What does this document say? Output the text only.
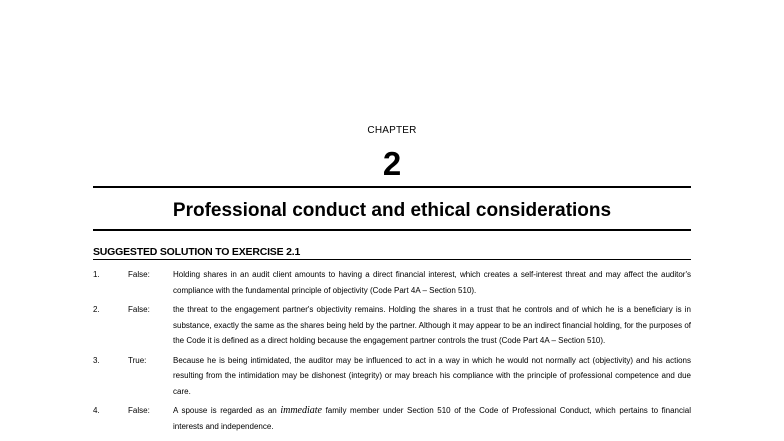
CHAPTER
2
Professional conduct and ethical considerations
SUGGESTED SOLUTION TO EXERCISE 2.1
1.	False:	Holding shares in an audit client amounts to having a direct financial interest, which creates a self-interest threat and may affect the auditor's compliance with the fundamental principle of objectivity (Code Part 4A – Section 510).
2.	False:	the threat to the engagement partner's objectivity remains. Holding the shares in a trust that he controls and of which he is a beneficiary is in substance, exactly the same as the shares being held by the partner. Although it may appear to be an indirect financial holding, for the purposes of the Code it is defined as a direct holding because the engagement partner controls the trust (Code Part 4A – Section 510).
3.	True:	Because he is being intimidated, the auditor may be influenced to act in a way in which he would not normally act (objectivity) and his actions resulting from the intimidation may be dishonest (integrity) or may breach his compliance with the principle of professional competence and due care.
4.	False:	A spouse is regarded as an immediate family member under Section 510 of the Code of Professional Conduct, which pertains to financial interests and independence.
